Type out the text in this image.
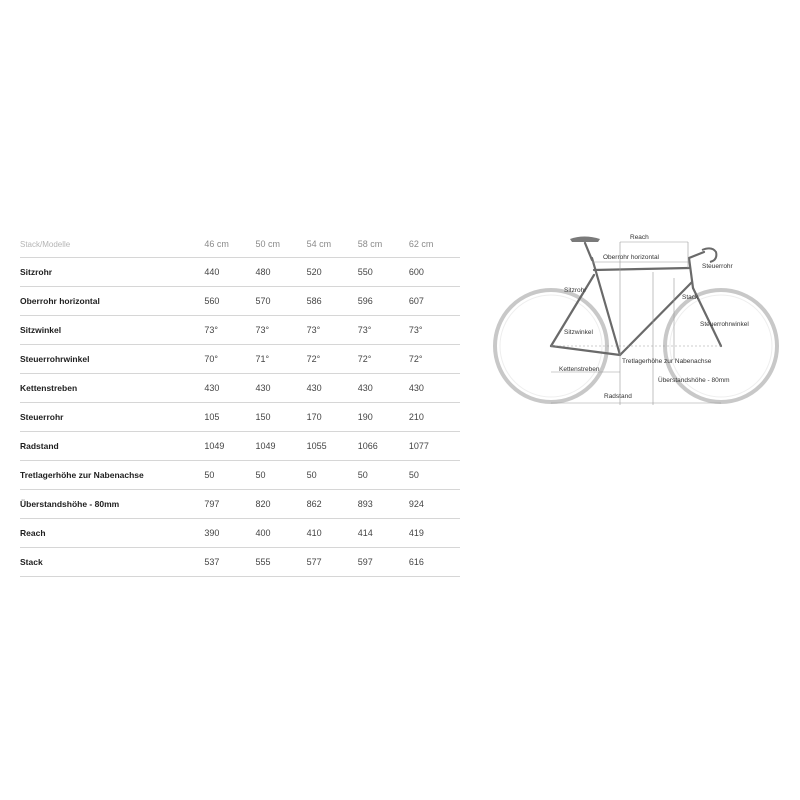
Stack/Modelle	46 cm	50 cm	54 cm	58 cm	62 cm
Sitzrohr	440	480	520	550	600
Oberrohr horizontal	560	570	586	596	607
Sitzwinkel	73°	73°	73°	73°	73°
Steuerrohrwinkel	70°	71°	72°	72°	72°
Kettenstreben	430	430	430	430	430
Steuerrohr	105	150	170	190	210
Radstand	1049	1049	1055	1066	1077
Tretlagerhöhe zur Nabenachse	50	50	50	50	50
Überstandshöhe - 80mm	797	820	862	893	924
Reach	390	400	410	414	419
Stack	537	555	577	597	616
Reach
Oberrohr horizontal
Steuerrohr
Sitzrohr
Stack
Steuerrohrwinkel
Sitzwinkel
Tretlagerhöhe zur Nabenachse
Kettenstreben
Überstandshöhe - 80mm
Radstand
